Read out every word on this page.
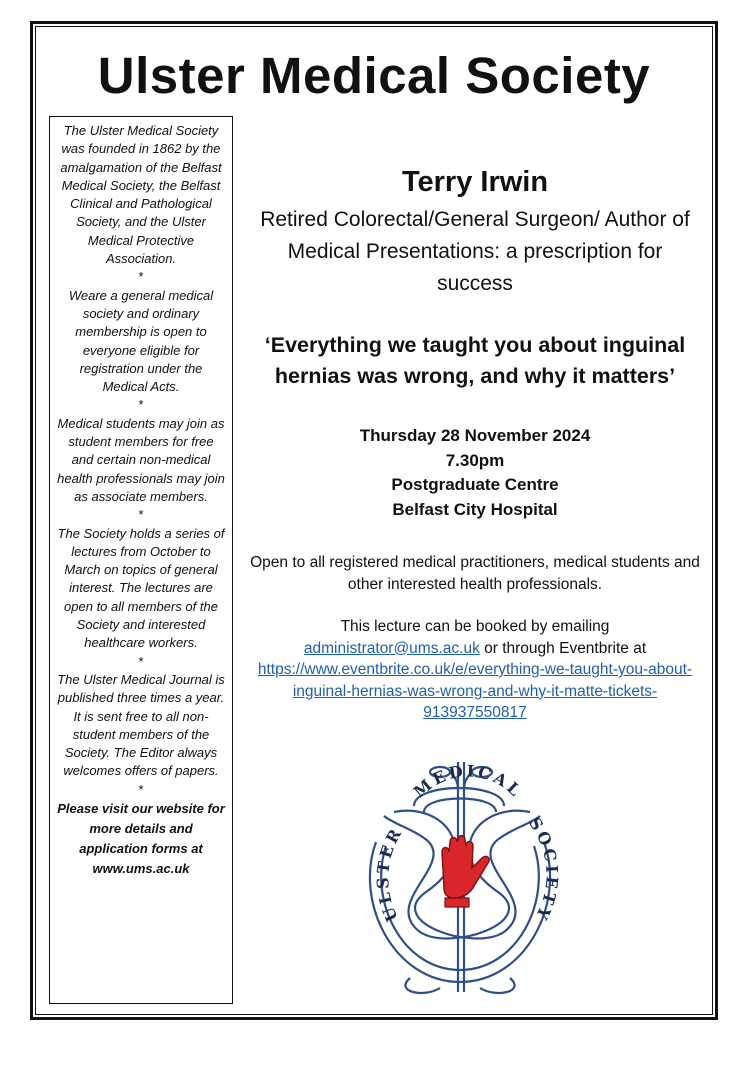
Ulster Medical Society

The Ulster Medical Society was founded in 1862 by the amalgamation of the Belfast Medical Society, the Belfast Clinical and Pathological Society, and the Ulster Medical Protective Association.

*

Weare a general medical society and ordinary membership is open to everyone eligible for registration under the Medical Acts.

*

Medical students may join as student members for free and certain non-medical health professionals may join as associate members.

*

The Society holds a series of lectures from October to March on topics of general interest. The lectures are open to all members of the Society and interested healthcare workers.

*

The Ulster Medical Journal is published three times a year. It is sent free to all non-student members of the Society. The Editor always welcomes offers of papers.

*

Please visit our website for more details and application forms at www.ums.ac.uk

Terry Irwin

Retired Colorectal/General Surgeon/ Author of Medical Presentations: a prescription for success

‘Everything we taught you about inguinal hernias was wrong, and why it matters’

Thursday 28 November 2024

7.30pm

Postgraduate Centre

Belfast City Hospital

Open to all registered medical practitioners, medical students and other interested health professionals.

This lecture can be booked by emailing

administrator@ums.ac.uk or through Eventbrite at

https://www.eventbrite.co.uk/e/everything-we-taught-you-about-inguinal-hernias-was-wrong-and-why-it-matte-tickets-913937550817

MEDICAL
ULSTER	SOCIETY
